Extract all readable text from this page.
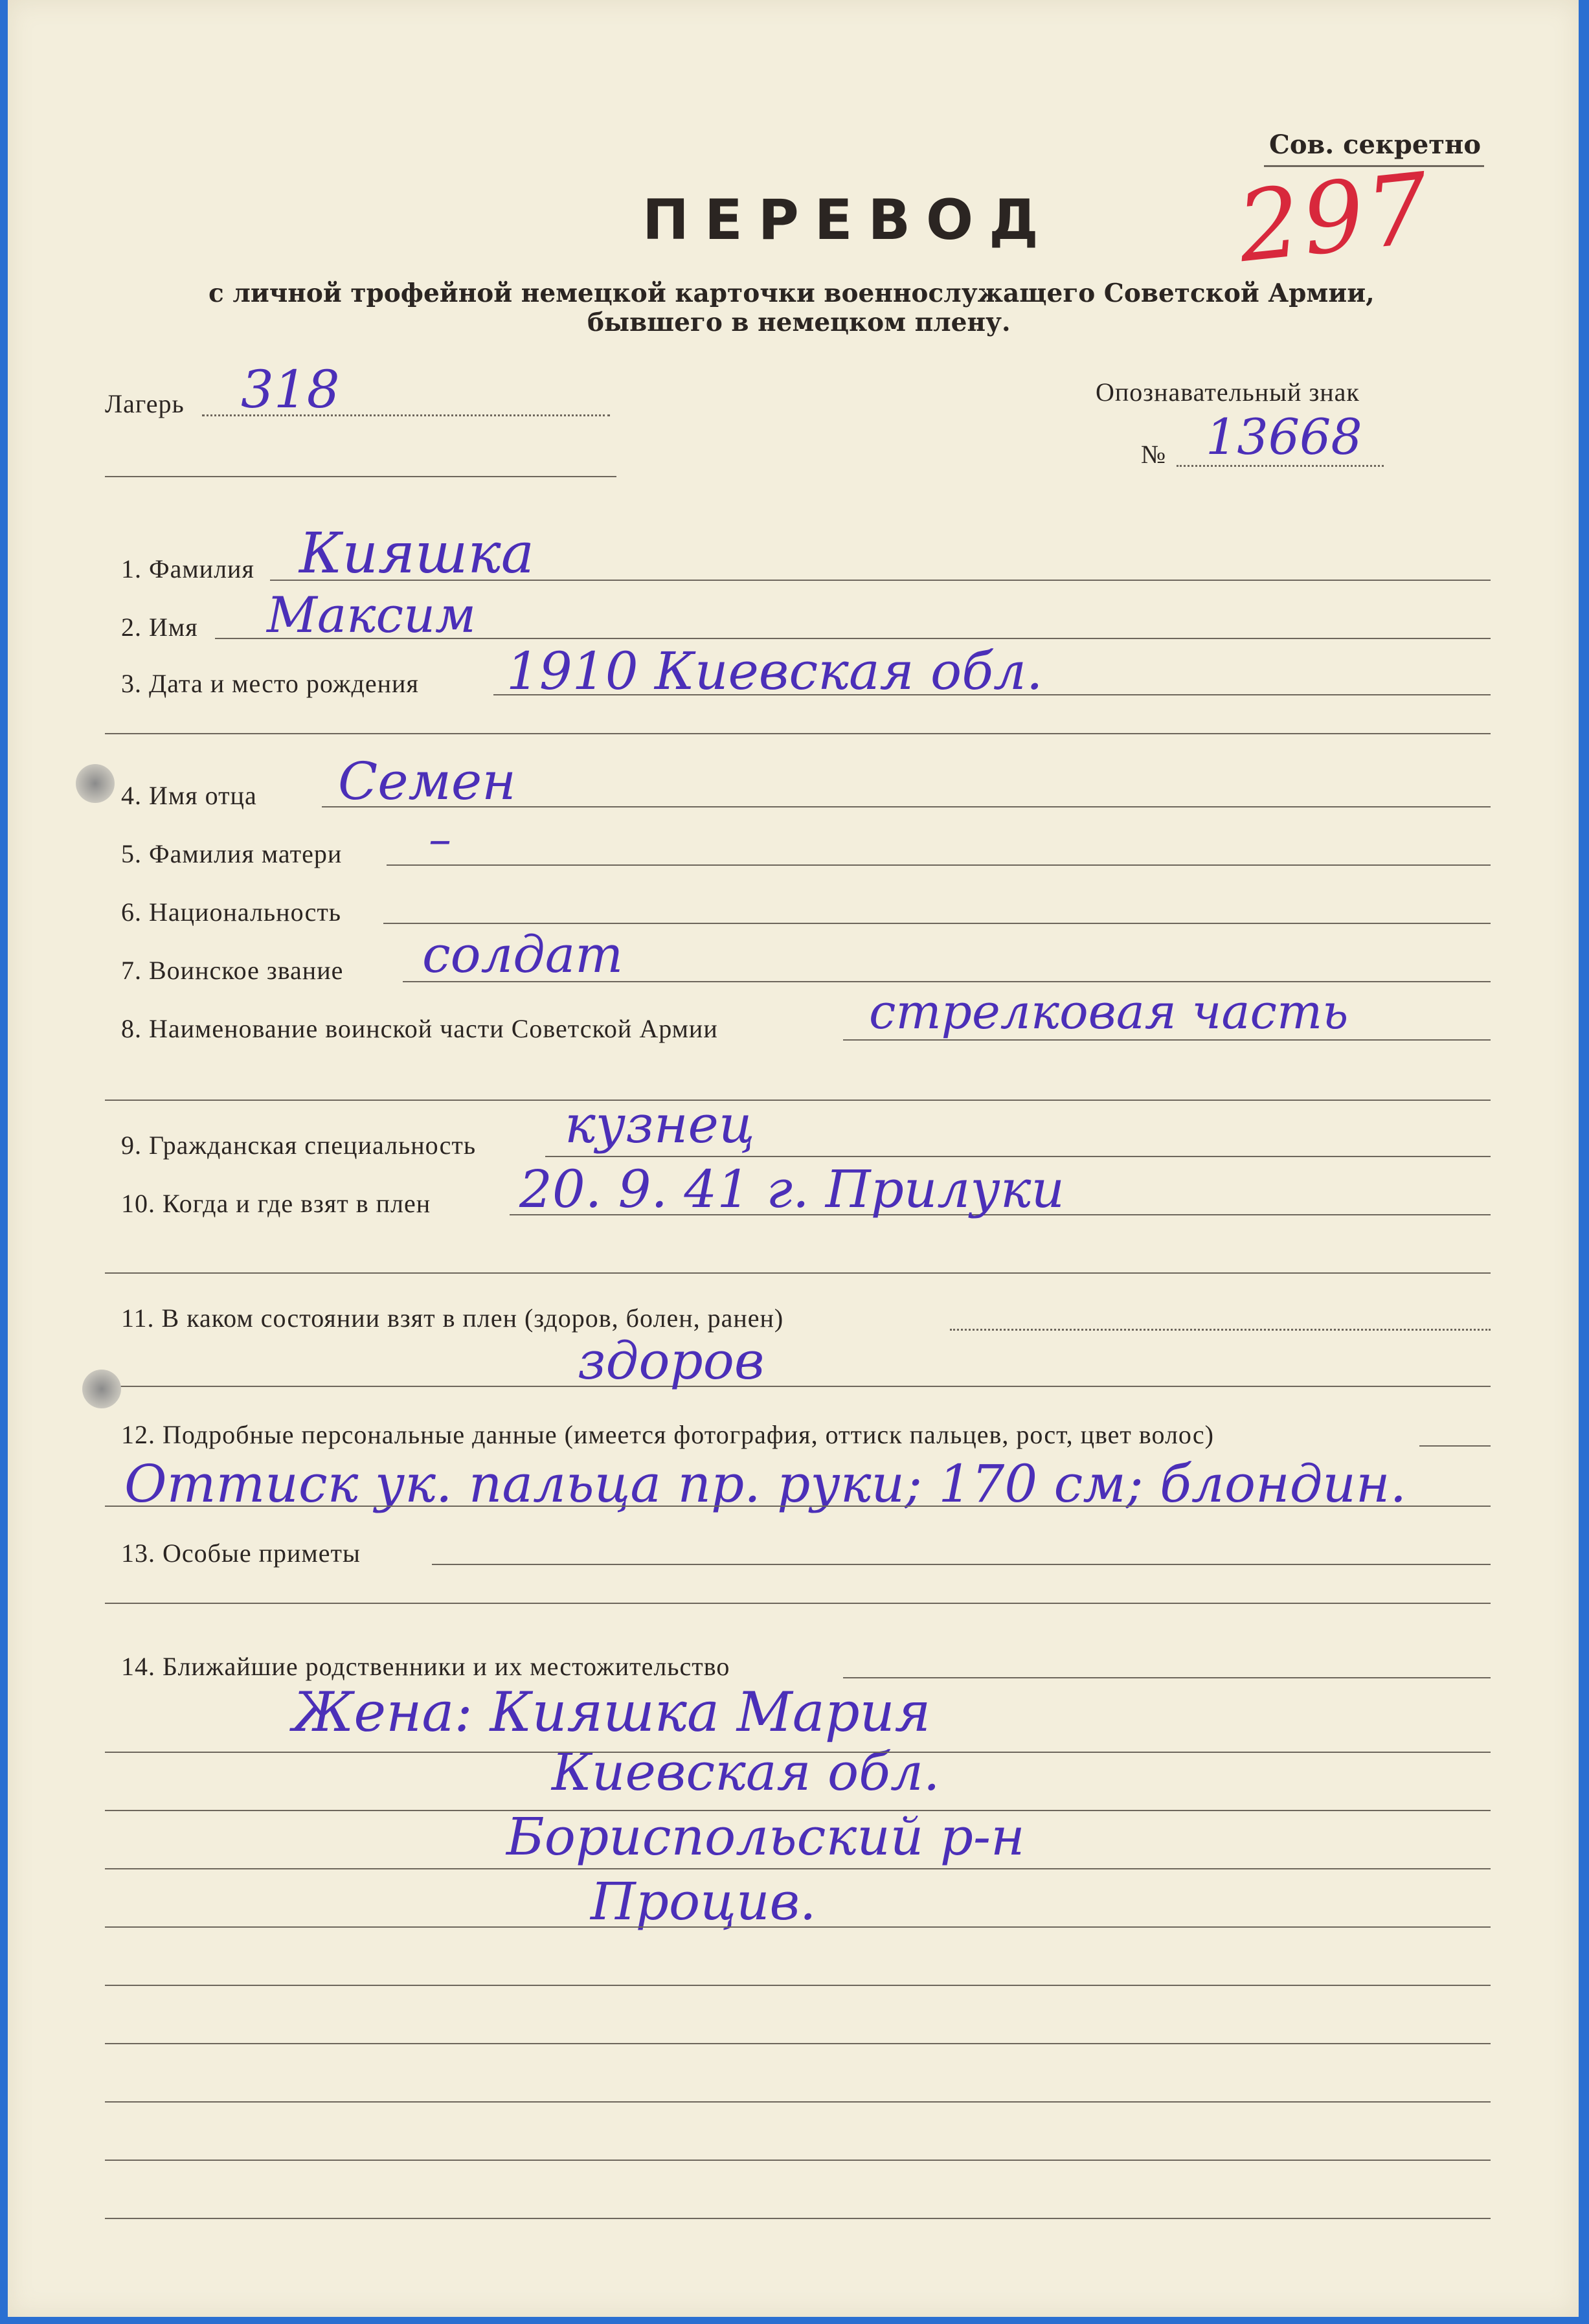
Сов. секретно
297
ПЕРЕВОД
с личной трофейной немецкой карточки военнослужащего Советской Армии,
бывшего в немецком плену.
Лагерь 318	Опознавательный знак
№ 13668
1. Фамилия Кияшка
2. Имя Максим
3. Дата и место рождения 1910 Киевская обл.
4. Имя отца Семен
5. Фамилия матери –
6. Национальность
7. Воинское звание солдат
8. Наименование воинской части Советской Армии	стрелковая часть
9. Гражданская специальность кузнец
10. Когда и где взят в плен 20. 9. 41 г. Прилуки
11. В каком состоянии взят в плен (здоров, болен, ранен)
здоров
12. Подробные персональные данные (имеется фотография, оттиск пальцев, рост, цвет волос)
Оттиск ук. пальца пр. руки; 170 см; блондин.
13. Особые приметы
14. Ближайшие родственники и их местожительство
Жена: Кияшка Мария
Киевская обл.
Бориспольский р-н
Процив.
